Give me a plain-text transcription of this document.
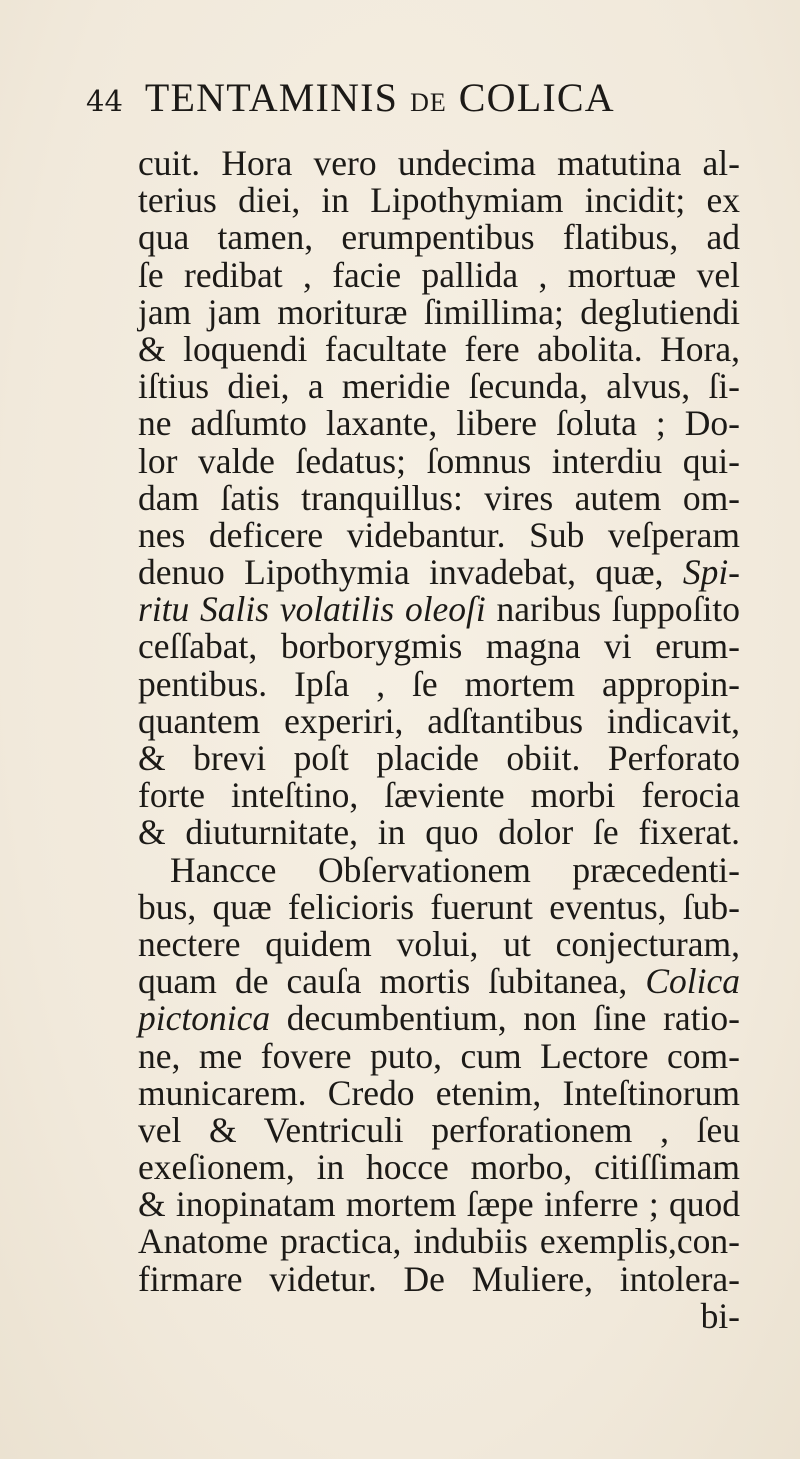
44 TENTAMINIS DE COLICA
cuit. Hora vero undecima matutina al-
terius diei, in Lipothymiam incidit; ex
qua tamen, erumpentibus flatibus, ad
ſe redibat , facie pallida , mortuæ vel
jam jam morituræ ſimillima; deglutiendi
& loquendi facultate fere abolita. Hora,
iſtius diei, a meridie ſecunda, alvus, ſi-
ne adſumto laxante, libere ſoluta ; Do-
lor valde ſedatus; ſomnus interdiu qui-
dam ſatis tranquillus: vires autem om-
nes deficere videbantur. Sub veſperam
denuo Lipothymia invadebat, quæ, Spi-
ritu Salis volatilis oleoſi naribus ſuppoſito
ceſſabat, borborygmis magna vi erum-
pentibus. Ipſa , ſe mortem appropin-
quantem experiri, adſtantibus indicavit,
& brevi poſt placide obiit. Perforato
forte inteſtino, ſæviente morbi ferocia
& diuturnitate, in quo dolor ſe fixerat.
Hancce Obſervationem præcedenti-
bus, quæ felicioris fuerunt eventus, ſub-
nectere quidem volui, ut conjecturam,
quam de cauſa mortis ſubitanea, Colica
pictonica decumbentium, non ſine ratio-
ne, me fovere puto, cum Lectore com-
municarem. Credo etenim, Inteſtinorum
vel & Ventriculi perforationem , ſeu
exeſionem, in hocce morbo, citiſſimam
& inopinatam mortem ſæpe inferre ; quod
Anatome practica, indubiis exemplis,con-
firmare videtur. De Muliere, intolera-
bi-
